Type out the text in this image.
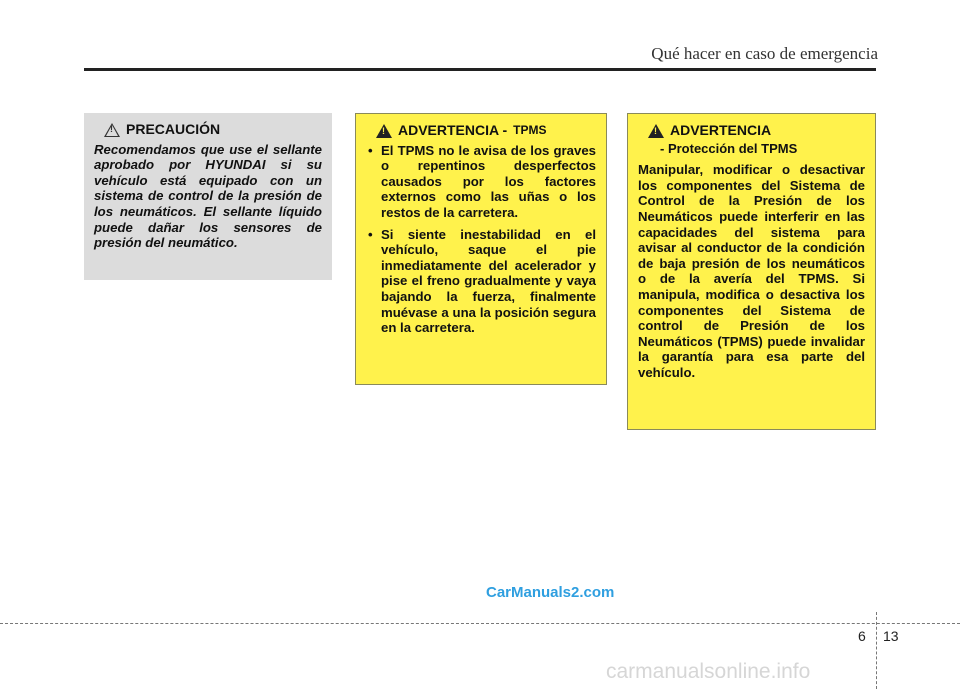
Qué hacer en caso de emergencia
!
PRECAUCIÓN
Recomendamos que use el sellante aprobado por HYUNDAI si su vehículo está equipado con un sistema de control de la presión de los neumáticos. El sellante líquido puede dañar los sensores de presión del neumático.
!
ADVERTENCIA - TPMS
• El TPMS no le avisa de los graves o repentinos desperfectos causados por los factores externos como las uñas o los restos de la carretera.
• Si siente inestabilidad en el vehículo, saque el pie inmediatamente del acelerador y pise el freno gradualmente y vaya bajando la fuerza, finalmente muévase a una la posición segura en la carretera.
!
ADVERTENCIA
- Protección del TPMS
Manipular, modificar o desactivar los componentes del Sistema de Control de la Presión de los Neumáticos puede interferir en las capacidades del sistema para avisar al conductor de la condición de baja presión de los neumáticos o de la avería del TPMS. Si manipula, modifica o desactiva los componentes del Sistema de control de Presión de los Neumáticos (TPMS) puede invalidar la garantía para esa parte del vehículo.
CarManuals2.com
6 13
carmanualsonline.info
